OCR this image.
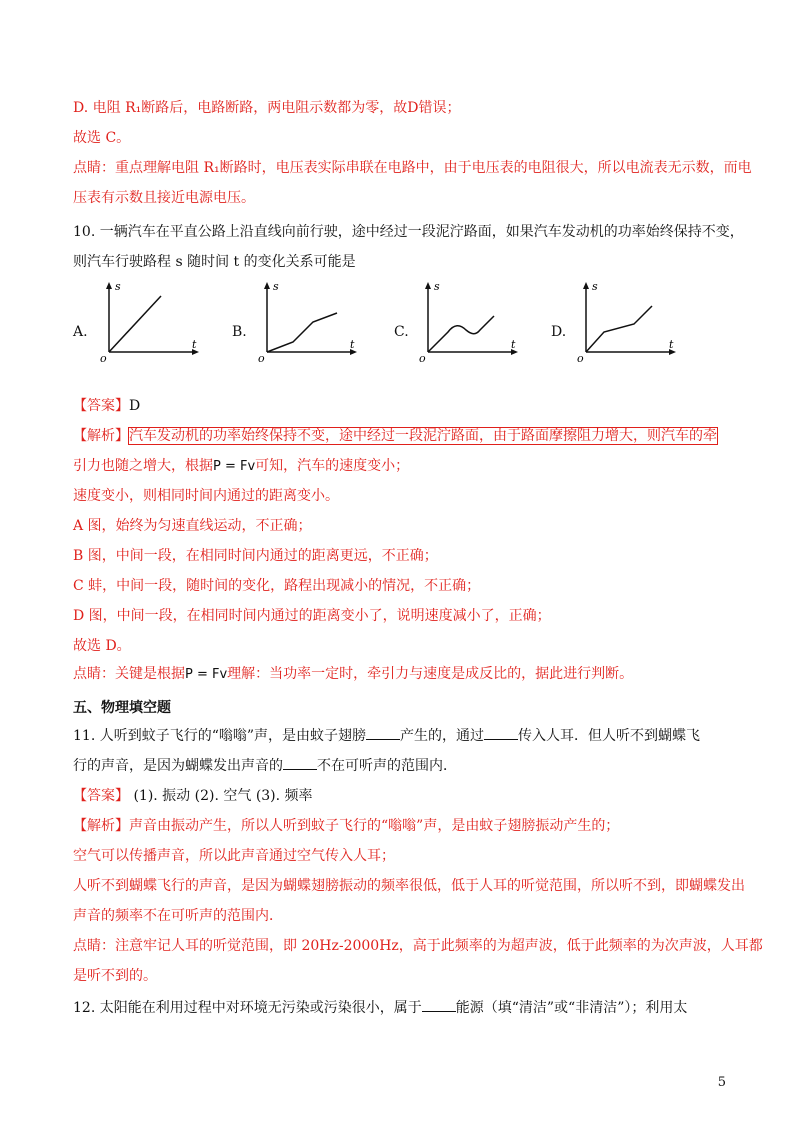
D. 电阻 R₁断路后，电路断路，两电阻示数都为零，故D错误；
故选 C。
点睛：重点理解电阻 R₁断路时，电压表实际串联在电路中，由于电压表的电阻很大，所以电流表无示数，而电
压表有示数且接近电源电压。
10. 一辆汽车在平直公路上沿直线向前行驶，途中经过一段泥泞路面，如果汽车发动机的功率始终保持不变，
则汽车行驶路程 s 随时间 t 的变化关系可能是
A.	B.	C.	D.
s
t
o
s
t
o
s
t
o
s
t
o
【答案】D
【解析】汽车发动机的功率始终保持不变，途中经过一段泥泞路面，由于路面摩擦阻力增大，则汽车的牵
引力也随之增大，根据P = Fv可知，汽车的速度变小；
速度变小，则相同时间内通过的距离变小。
A 图，始终为匀速直线运动，不正确；
B 图，中间一段，在相同时间内通过的距离更远，不正确；
C 蚌，中间一段，随时间的变化，路程出现减小的情况，不正确；
D 图，中间一段，在相同时间内通过的距离变小了，说明速度减小了，正确；
故选 D。
点睛：关键是根据P = Fv理解：当功率一定时，牵引力与速度是成反比的，据此进行判断。
五、物理填空题
11. 人听到蚊子飞行的“嗡嗡”声，是由蚊子翅膀 产生的，通过 传入人耳．但人听不到蝴蝶飞
行的声音，是因为蝴蝶发出声音的 不在可听声的范围内．
【答案】 (1). 振动 (2). 空气 (3). 频率
【解析】声音由振动产生，所以人听到蚊子飞行的“嗡嗡”声，是由蚊子翅膀振动产生的；
空气可以传播声音，所以此声音通过空气传入人耳；
人听不到蝴蝶飞行的声音，是因为蝴蝶翅膀振动的频率很低，低于人耳的听觉范围，所以听不到，即蝴蝶发出
声音的频率不在可听声的范围内．
点睛：注意牢记人耳的听觉范围，即 20Hz-2000Hz，高于此频率的为超声波，低于此频率的为次声波，人耳都
是听不到的。
12. 太阳能在利用过程中对环境无污染或污染很小，属于 能源（填“清洁”或“非清洁”）；利用太
5
